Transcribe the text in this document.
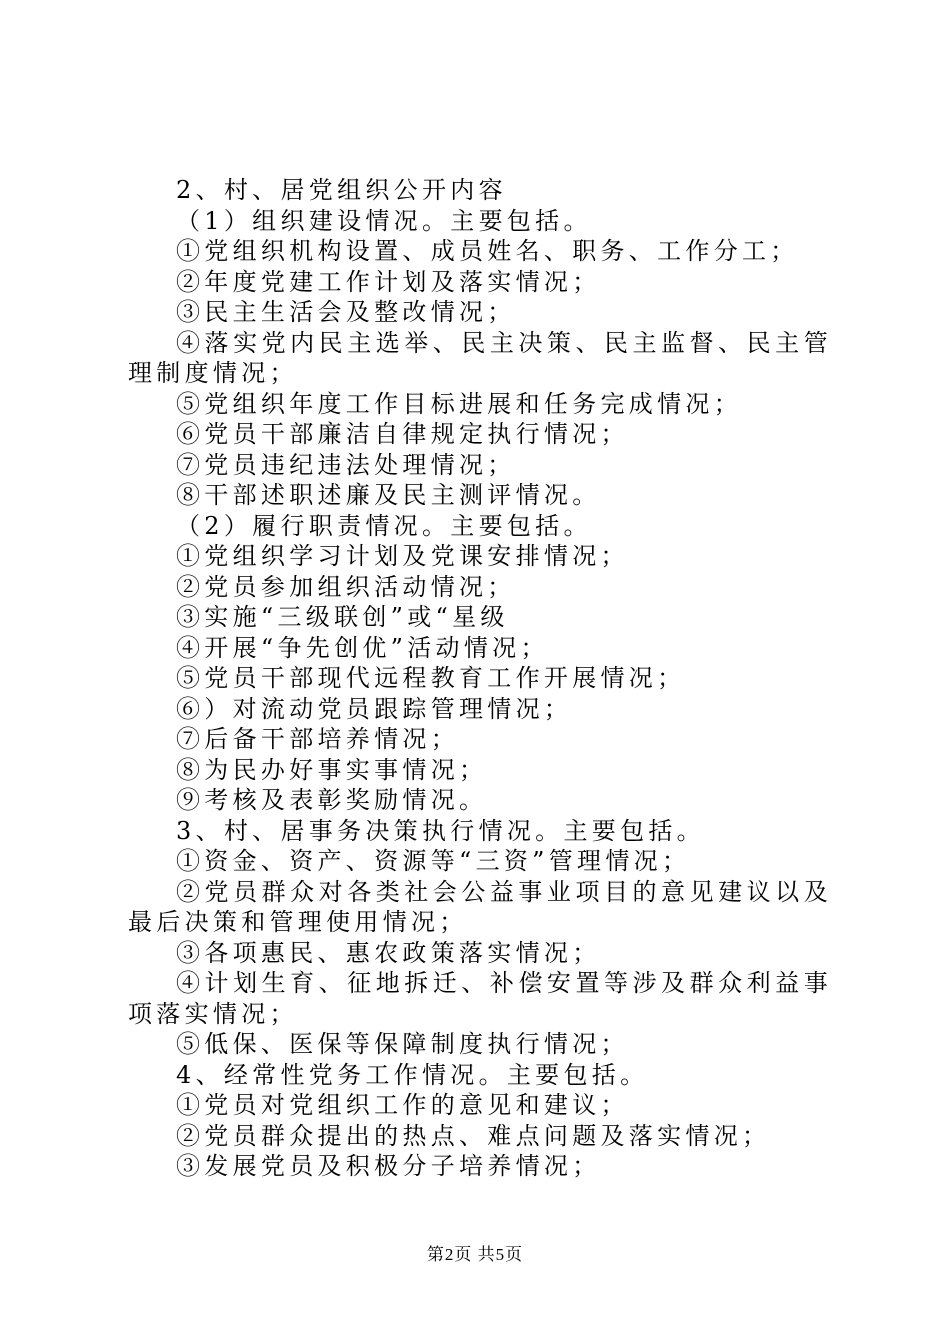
2、村、居党组织公开内容
（1）组织建设情况。主要包括。
①党组织机构设置、成员姓名、职务、工作分工；
②年度党建工作计划及落实情况；
③民主生活会及整改情况；
④落实党内民主选举、民主决策、民主监督、民主管理制度情况；
⑤党组织年度工作目标进展和任务完成情况；
⑥党员干部廉洁自律规定执行情况；
⑦党员违纪违法处理情况；
⑧干部述职述廉及民主测评情况。
（2）履行职责情况。主要包括。
①党组织学习计划及党课安排情况；
②党员参加组织活动情况；
③实施“三级联创”或“星级
④开展“争先创优”活动情况；
⑤党员干部现代远程教育工作开展情况；
⑥）对流动党员跟踪管理情况；
⑦后备干部培养情况；
⑧为民办好事实事情况；
⑨考核及表彰奖励情况。
3、村、居事务决策执行情况。主要包括。
①资金、资产、资源等“三资”管理情况；
②党员群众对各类社会公益事业项目的意见建议以及最后决策和管理使用情况；
③各项惠民、惠农政策落实情况；
④计划生育、征地拆迁、补偿安置等涉及群众利益事项落实情况；
⑤低保、医保等保障制度执行情况；
4、经常性党务工作情况。主要包括。
①党员对党组织工作的意见和建议；
②党员群众提出的热点、难点问题及落实情况；
③发展党员及积极分子培养情况；
第2页 共5页
